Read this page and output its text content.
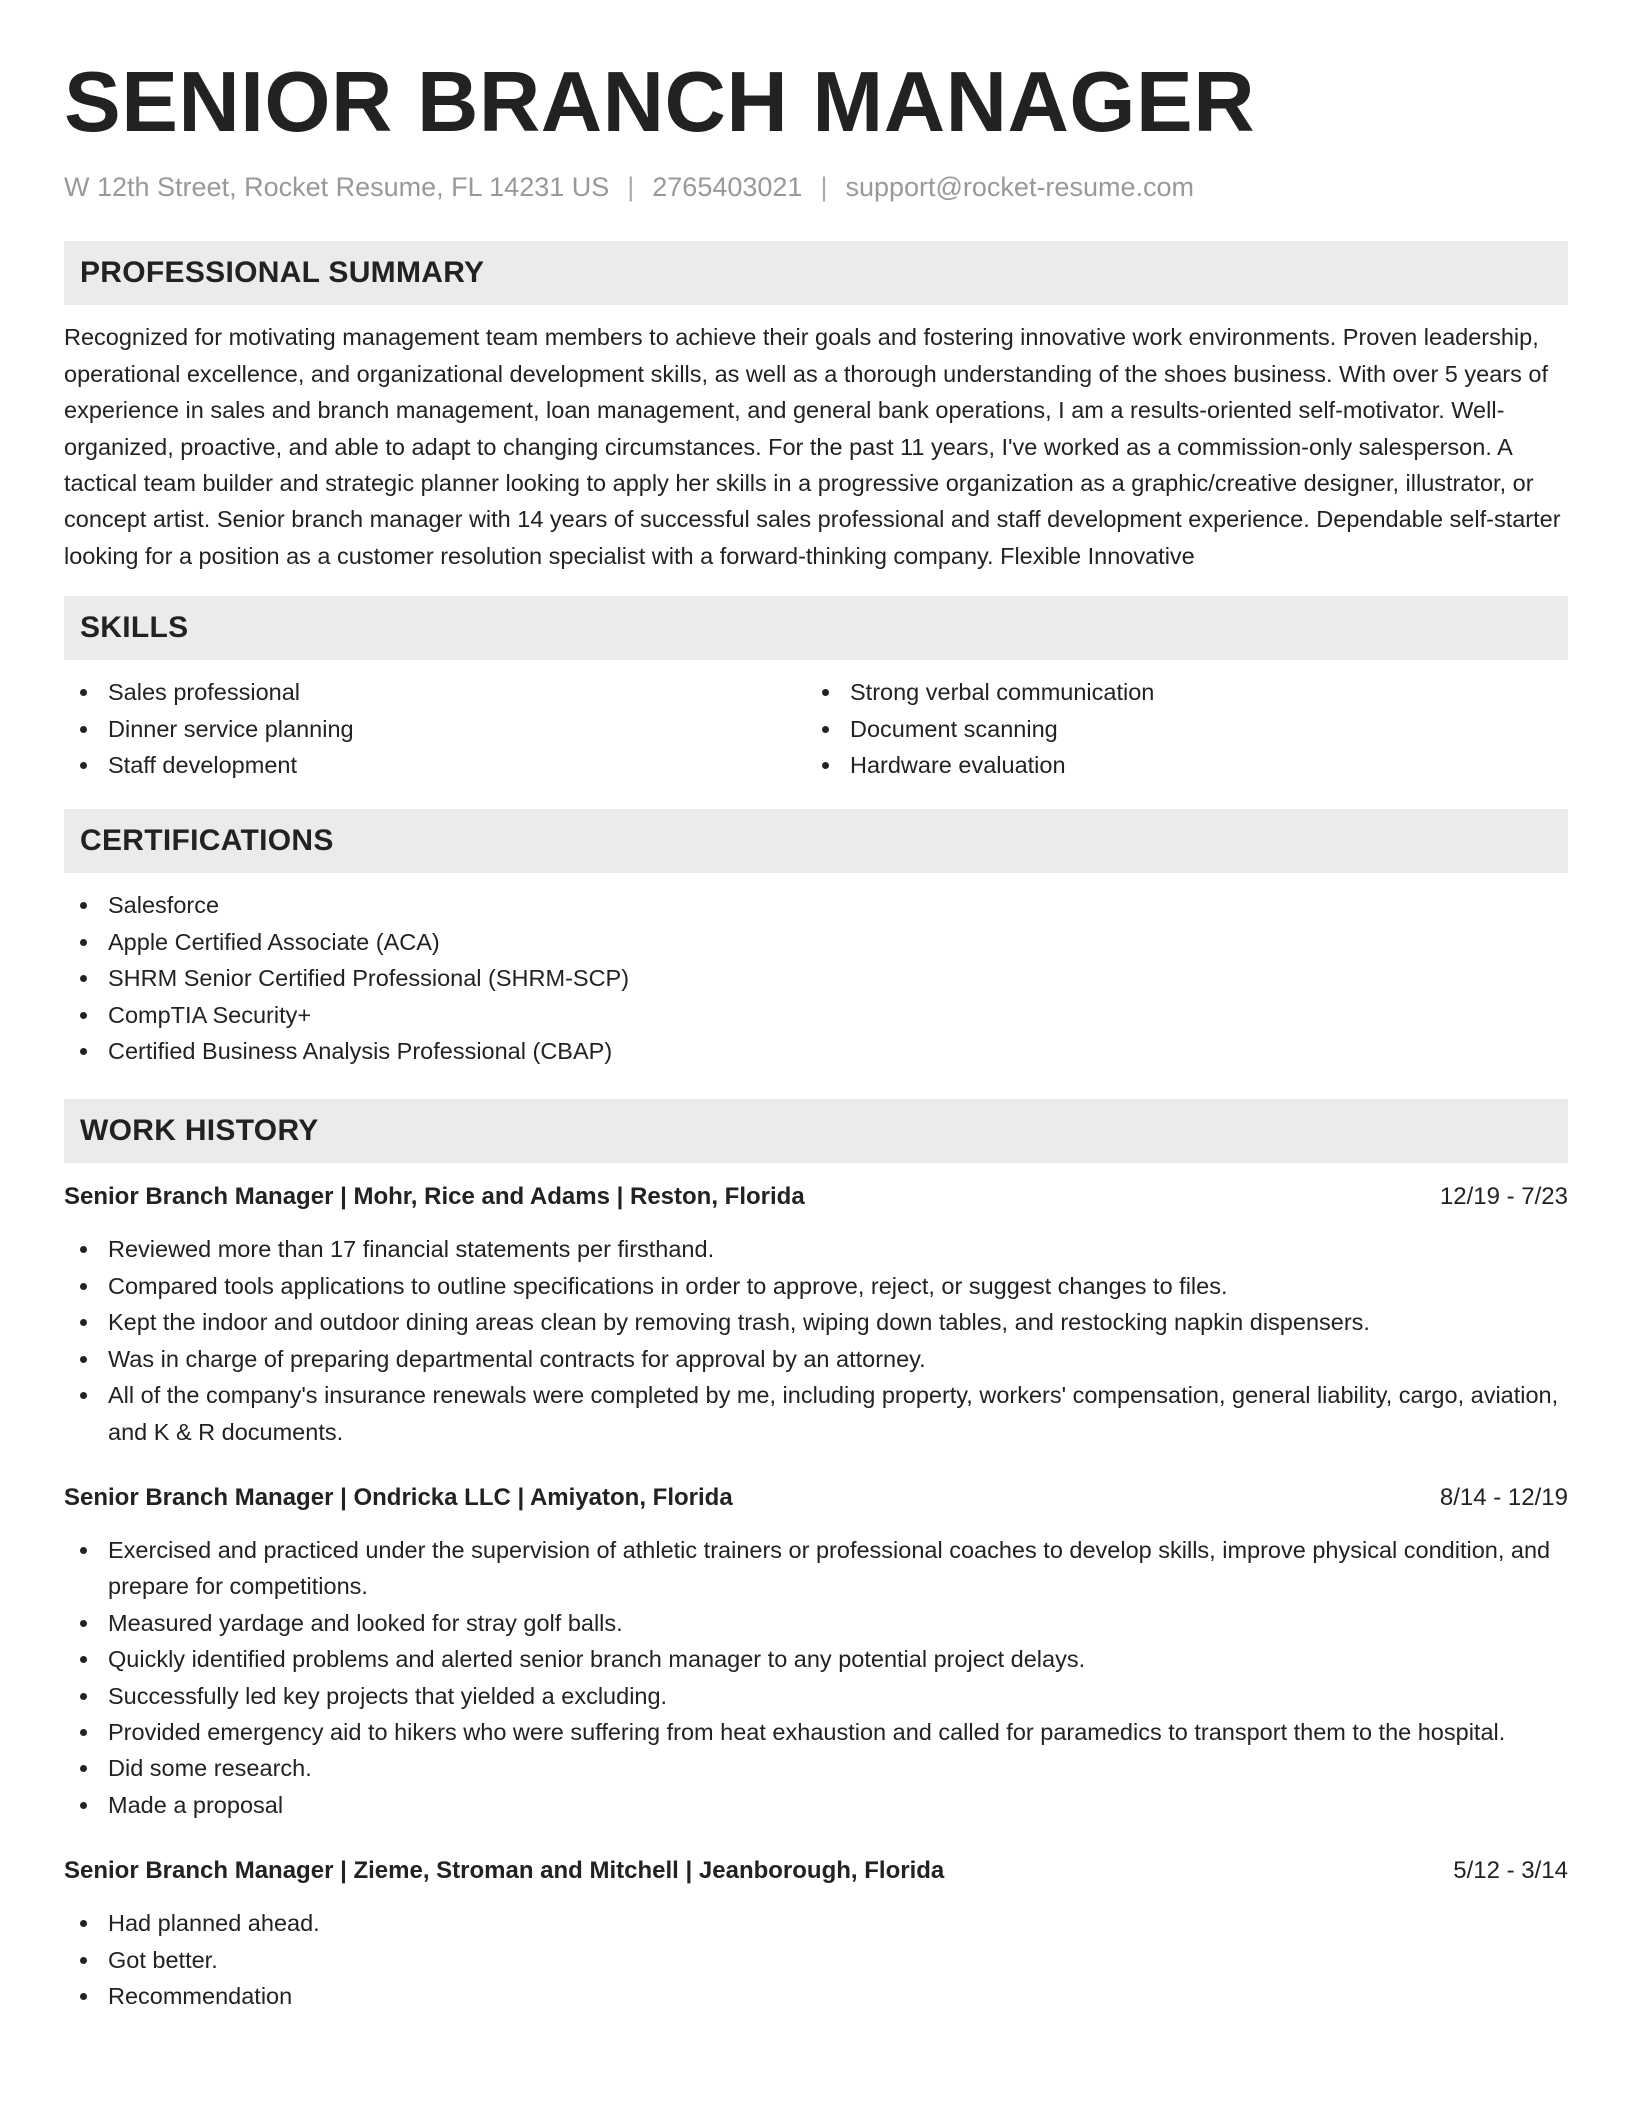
SENIOR BRANCH MANAGER
W 12th Street, Rocket Resume, FL 14231 US | 2765403021 | support@rocket-resume.com
PROFESSIONAL SUMMARY

Recognized for motivating management team members to achieve their goals and fostering innovative work environments. Proven leadership, operational excellence, and organizational development skills, as well as a thorough understanding of the shoes business. With over 5 years of experience in sales and branch management, loan management, and general bank operations, I am a results-oriented self-motivator. Well-organized, proactive, and able to adapt to changing circumstances. For the past 11 years, I've worked as a commission-only salesperson. A tactical team builder and strategic planner looking to apply her skills in a progressive organization as a graphic/creative designer, illustrator, or concept artist. Senior branch manager with 14 years of successful sales professional and staff development experience. Dependable self-starter looking for a position as a customer resolution specialist with a forward-thinking company. Flexible Innovative

SKILLS
Sales professional
Dinner service planning
Staff development
Strong verbal communication
Document scanning
Hardware evaluation
CERTIFICATIONS
Salesforce
Apple Certified Associate (ACA)
SHRM Senior Certified Professional (SHRM-SCP)
CompTIA Security+
Certified Business Analysis Professional (CBAP)
WORK HISTORY
Senior Branch Manager | Mohr, Rice and Adams | Reston, Florida	12/19 - 7/23
Reviewed more than 17 financial statements per firsthand.
Compared tools applications to outline specifications in order to approve, reject, or suggest changes to files.
Kept the indoor and outdoor dining areas clean by removing trash, wiping down tables, and restocking napkin dispensers.
Was in charge of preparing departmental contracts for approval by an attorney.
All of the company's insurance renewals were completed by me, including property, workers' compensation, general liability, cargo, aviation, and K & R documents.
Senior Branch Manager | Ondricka LLC | Amiyaton, Florida	8/14 - 12/19
Exercised and practiced under the supervision of athletic trainers or professional coaches to develop skills, improve physical condition, and prepare for competitions.
Measured yardage and looked for stray golf balls.
Quickly identified problems and alerted senior branch manager to any potential project delays.
Successfully led key projects that yielded a excluding.
Provided emergency aid to hikers who were suffering from heat exhaustion and called for paramedics to transport them to the hospital.
Did some research.
Made a proposal
Senior Branch Manager | Zieme, Stroman and Mitchell | Jeanborough, Florida	5/12 - 3/14
Had planned ahead.
Got better.
Recommendation
